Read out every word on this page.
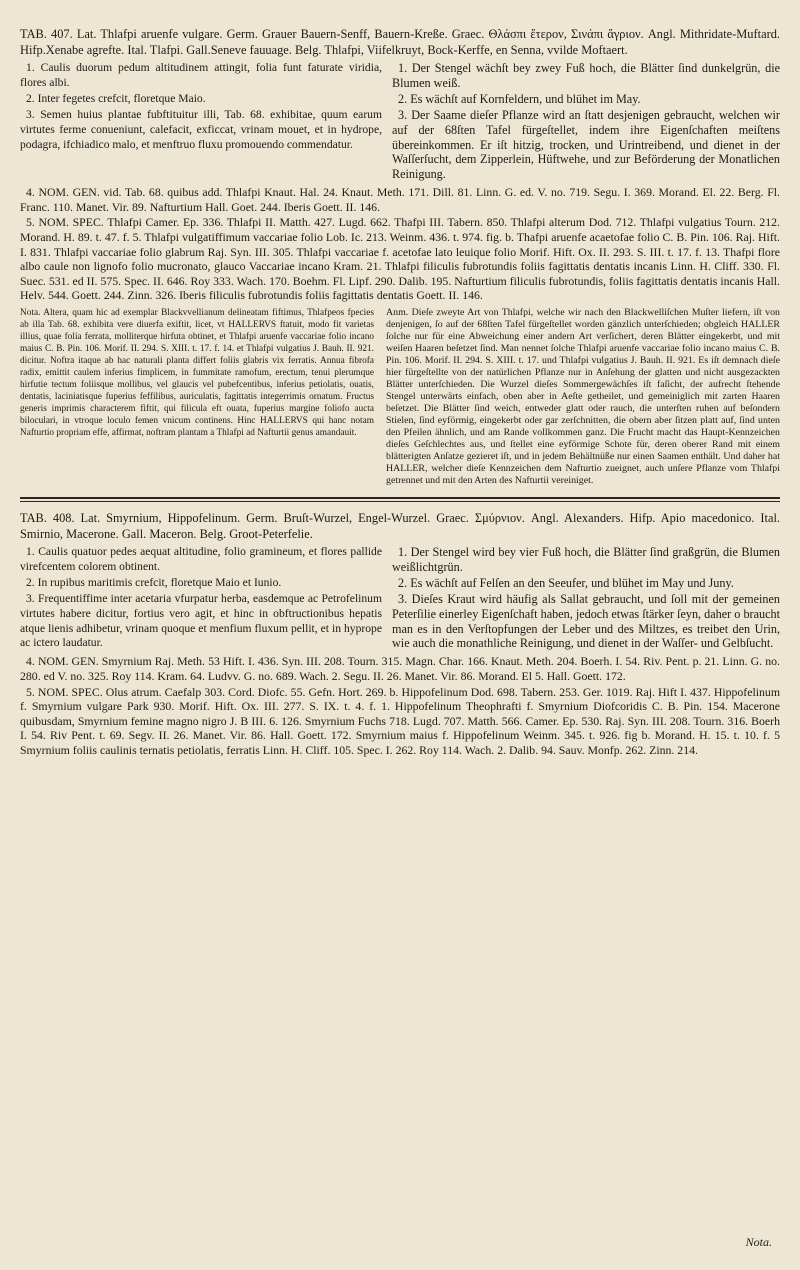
TAB. 407. Lat. Thlafpi aruenfe vulgare. Germ. Grauer Bauern-Senff, Bauern-Kreße. Graec. Θλάσπι ἕτερον, Σινάπι ἄγριον. Angl. Mithridate-Muftard. Hifp.Xenabe agrefte. Ital. Tlafpi. Gall.Seneve fauuage. Belg. Thlafpi, Viifelkruyt, Bock-Kerffe, en Senna, vvilde Moftaert.

1. Caulis duorum pedum altitudinem attingit, folia funt faturate viridia, flores albi.

2. Inter fegetes crefcit, floretque Maio.

3. Semen huius plantae fubftituitur illi, Tab. 68. exhibitae, quum earum virtutes ferme conueniunt, calefacit, exficcat, vrinam mouet, et in hydrope, podagra, ifchiadico malo, et menftruo fluxu promouendo commendatur.

1. Der Stengel wächſt bey zwey Fuß hoch, die Blätter ſind dunkelgrün, die Blumen weiß.

2. Es wächſt auf Kornfeldern, und blühet im May.

3. Der Saame dieſer Pflanze wird an ſtatt desjenigen gebraucht, welchen wir auf der 68ſten Tafel fürgeſtellet, indem ihre Eigenſchaften meiſtens übereinkommen. Er iſt hitzig, trocken, und Urintreibend, und dienet in der Waſſerſucht, dem Zipperlein, Hüftwehe, und zur Beförderung der Monatlichen Reinigung.

4. NOM. GEN. vid. Tab. 68. quibus add. Thlafpi Knaut. Hal. 24. Knaut. Meth. 171. Dill. 81. Linn. G. ed. V. no. 719. Segu. I. 369. Morand. El. 22. Berg. Fl. Franc. 110. Manet. Vir. 89. Nafturtium Hall. Goet. 244. Iberis Goett. II. 146.

5. NOM. SPEC. Thlafpi Camer. Ep. 336. Thlafpi II. Matth. 427. Lugd. 662. Thafpi III. Tabern. 850. Thlafpi alterum Dod. 712. Thlafpi vulgatius Tourn. 212. Morand. H. 89. t. 47. f. 5. Thlafpi vulgatiffimum vaccariae folio Lob. Ic. 213. Weinm. 436. t. 974. fig. b. Thafpi aruenfe acaetofae folio C. B. Pin. 106. Raj. Hift. I. 831. Thlafpi vaccariae folio glabrum Raj. Syn. III. 305. Thlafpi vaccariae f. acetofae lato leuique folio Morif. Hift. Ox. II. 293. S. III. t. 17. f. 13. Thafpi flore albo caule non lignofo folio mucronato, glauco Vaccariae incano Kram. 21. Thlafpi filiculis fubrotundis foliis fagittatis dentatis incanis Linn. H. Cliff. 330. Fl. Suec. 531. ed II. 575. Spec. II. 646. Roy 333. Wach. 170. Boehm. Fl. Lipf. 290. Dalib. 195. Nafturtium filiculis fubrotundis, foliis fagittatis dentatis incanis Hall. Helv. 544. Goett. 244. Zinn. 326. Iberis filiculis fubrotundis foliis fagittatis dentatis Goett. II. 146.

Nota. Altera, quam hic ad exemplar Blackvvellianum delineatam fiftimus, Thlafpeos fpecies ab illa Tab. 68. exhibita vere diuerfa exiftit, licet, vt HALLERVS ftatuit, modo fit varietas illius, quae folia ferrata, molliterque hirfuta obtinet, et Thlafpi aruenfe vaccariae folio incano maius C. B. Pin. 106. Morif. II. 294. S. XIII. t. 17. f. 14. et Thlafpi vulgatius J. Bauh. II. 921. dicitur. Noftra itaque ab hac naturali planta differt foliis glabris vix ferratis. Annua fibrofa radix, emittit caulem inferius fimplicem, in fummitate ramofum, erectum, tenui plerumque hirfutie tectum foliisque mollibus, vel glaucis vel pubefcentibus, inferius petiolatis, ouatis, dentatis, laciniatisque fuperius feffilibus, auriculatis, fagittatis integerrimis ornatum. Fructus generis imprimis characterem fiftit, qui filicula eft ouata, fuperius margine foliofo aucta biloculari, in vtroque loculo femen vnicum continens. Hinc HALLERVS qui hanc notam Nafturtio propriam effe, affirmat, noftram plantam a Thlafpi ad Nafturtii genus amandauit.
Anm. Dieſe zweyte Art von Thlafpi, welche wir nach den Blackwelliſchen Muſter liefern, iſt von denjenigen, ſo auf der 68ſten Tafel fürgeſtellet worden gänzlich unterſchieden; obgleich HALLER ſolche nur für eine Abweichung einer andern Art verſichert, deren Blätter eingekerbt, und mit weiſen Haaren beſetzet ſind. Man nennet ſolche Thlafpi aruenfe vaccariae folio incano maius C. B. Pin. 106. Morif. II. 294. S. XIII. t. 17. und Thlafpi vulgatius J. Bauh. II. 921. Es iſt demnach dieſe hier fürgeſtellte von der natürlichen Pflanze nur in Anſehung der glatten und nicht ausgezackten Blätter unterſchieden. Die Wurzel dieſes Sommergewächſes iſt faſicht, der aufrecht ſtehende Stengel unterwärts einfach, oben aber in Aeſte getheilet, und gemeiniglich mit zarten Haaren beſetzet. Die Blätter ſind weich, entweder glatt oder rauch, die unterſten ruhen auf beſondern Stielen, ſind eyförmig, eingekerbt oder gar zerſchnitten, die obern aber ſitzen platt auf, ſind unten den Pfeilen ähnlich, und am Rande vollkommen ganz. Die Frucht macht das Haupt-Kennzeichen dieſes Geſchlechtes aus, und ſtellet eine eyförmige Schote für, deren oberer Rand mit einem blätterigten Anſatze gezieret iſt, und in jedem Behältnüße nur einen Saamen enthält. Und daher hat HALLER, welcher dieſe Kennzeichen dem Nafturtio zueignet, auch unſere Pflanze vom Thlafpi getrennet und mit den Arten des Nafturtii vereiniget.
TAB. 408. Lat. Smyrnium, Hippofelinum. Germ. Bruſt-Wurzel, Engel-Wurzel. Graec. Σμύρνιον. Angl. Alexanders. Hifp. Apio macedonico. Ital. Smirnio, Macerone. Gall. Maceron. Belg. Groot-Peterfelie.

1. Caulis quatuor pedes aequat altitudine, folio gramineum, et flores pallide virefcentem colorem obtinent.

2. In rupibus maritimis crefcit, floretque Maio et Iunio.

3. Frequentiffime inter acetaria vfurpatur herba, easdemque ac Petrofelinum virtutes habere dicitur, fortius vero agit, et hinc in obftructionibus hepatis atque lienis adhibetur, vrinam quoque et menfium fluxum pellit, et in hyprope ac ictero laudatur.

1. Der Stengel wird bey vier Fuß hoch, die Blätter ſind graßgrün, die Blumen weißlichtgrün.

2. Es wächſt auf Felſen an den Seeufer, und blühet im May und Juny.

3. Dieſes Kraut wird häufig als Sallat gebraucht, und ſoll mit der gemeinen Peterſilie einerley Eigenſchaft haben, jedoch etwas ſtärker ſeyn, daher o braucht man es in den Verſtopfungen der Leber und des Miltzes, es treibet den Urin, wie auch die monathliche Reinigung, und dienet in der Waſſer- und Gelbſucht.

4. NOM. GEN. Smyrnium Raj. Meth. 53 Hift. I. 436. Syn. III. 208. Tourn. 315. Magn. Char. 166. Knaut. Meth. 204. Boerh. I. 54. Riv. Pent. p. 21. Linn. G. no. 280. ed V. no. 325. Roy 114. Kram. 64. Ludvv. G. no. 689. Wach. 2. Segu. II. 26. Manet. Vir. 86. Morand. El 5. Hall. Goett. 172.

5. NOM. SPEC. Olus atrum. Caefalp 303. Cord. Diofc. 55. Gefn. Hort. 269. b. Hippofelinum Dod. 698. Tabern. 253. Ger. 1019. Raj. Hift I. 437. Hippofelinum f. Smyrnium vulgare Park 930. Morif. Hift. Ox. III. 277. S. IX. t. 4. f. 1. Hippofelinum Theophrafti f. Smyrnium Diofcoridis C. B. Pin. 154. Macerone quibusdam, Smyrnium femine magno nigro J. B III. 6. 126. Smyrnium Fuchs 718. Lugd. 707. Matth. 566. Camer. Ep. 530. Raj. Syn. III. 208. Tourn. 316. Boerh I. 54. Riv Pent. t. 69. Segv. II. 26. Manet. Vir. 86. Hall. Goett. 172. Smyrnium maius f. Hippofelinum Weinm. 345. t. 926. fig b. Morand. H. 15. t. 10. f. 5 Smyrnium foliis caulinis ternatis petiolatis, ferratis Linn. H. Cliff. 105. Spec. I. 262. Roy 114. Wach. 2. Dalib. 94. Sauv. Monfp. 262. Zinn. 214.

Nota.
